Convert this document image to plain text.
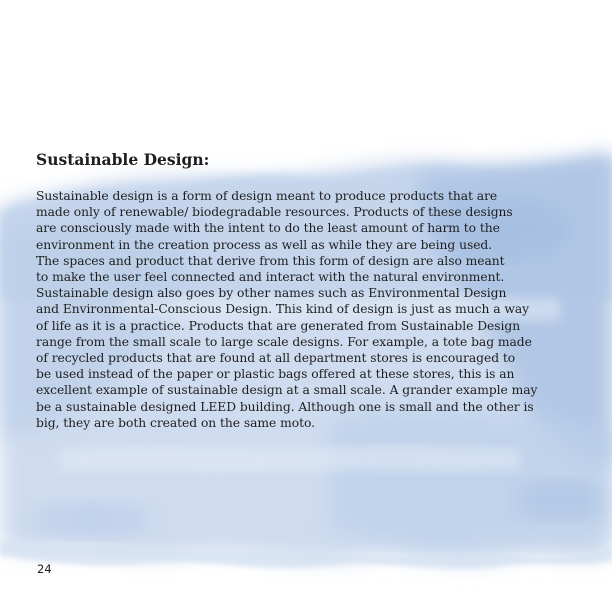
Sustainable Design:
Sustainable design is a form of design meant to produce products that are
made only of renewable/ biodegradable resources. Products of these designs
are consciously made with the intent to do the least amount of harm to the
environment in the creation process as well as while they are being used.
The spaces and product that derive from this form of design are also meant
to make the user feel connected and interact with the natural environment.
Sustainable design also goes by other names such as Environmental Design
and Environmental-Conscious Design. This kind of design is just as much a way
of life as it is a practice. Products that are generated from Sustainable Design
range from the small scale to large scale designs. For example, a tote bag made
of recycled products that are found at all department stores is encouraged to
be used instead of the paper or plastic bags offered at these stores, this is an
excellent example of sustainable design at a small scale. A grander example may
be a sustainable designed LEED building. Although one is small and the other is
big, they are both created on the same moto.
24
